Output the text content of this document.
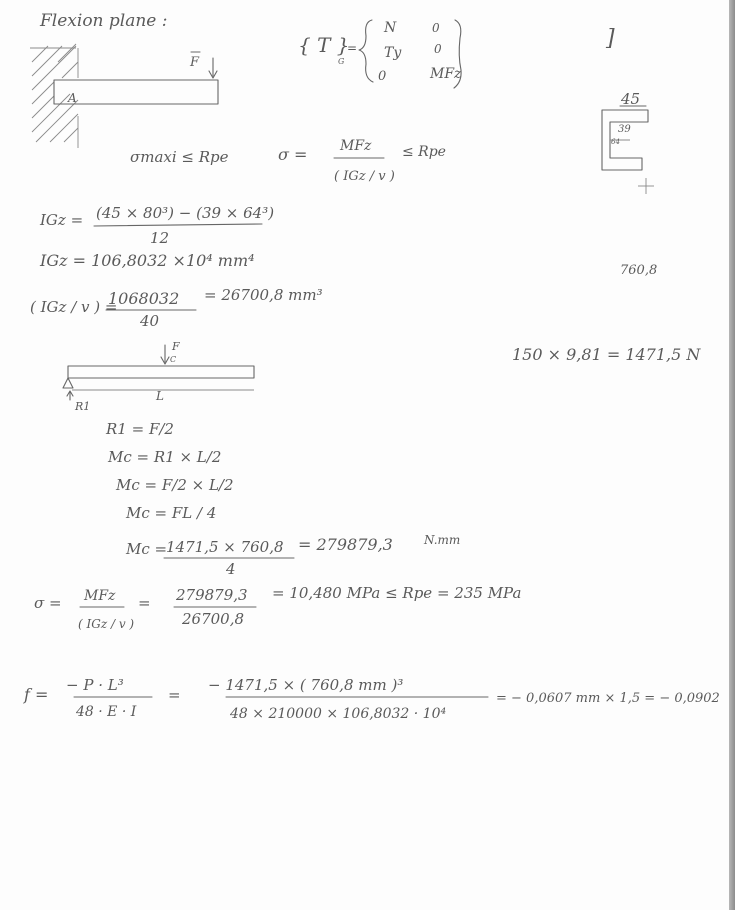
Flexion plane :
{ T }
G
=
N	0
Ty	0
0	MFz
]
F
A	45
39
64
σmaxi ≤ Rpe	σ = MFz
( IGz / v )
≤ Rpe
IGz = (45 × 80³) − (39 × 64³)
12
IGz = 106,8032 ×10⁴ mm⁴
760,8
( IGz / v ) =
1068032
40
= 26700,8 mm³
150 × 9,81 = 1471,5 N
F
C
R1
L
R1 = F/2
Mc = R1 × L/2
Mc = F/2 × L/2
Mc = FL / 4
Mc =
1471,5 × 760,8
4
= 279879,3	N.mm
σ = MFz
( IGz / v )
= 279879,3
26700,8
= 10,480 MPa ≤ Rpe = 235 MPa
f = − P · L³
48 · E · I
=
− 1471,5 × ( 760,8 mm )³
48 × 210000 × 106,8032 · 10⁴
= − 0,0607 mm × 1,5 = − 0,0902
